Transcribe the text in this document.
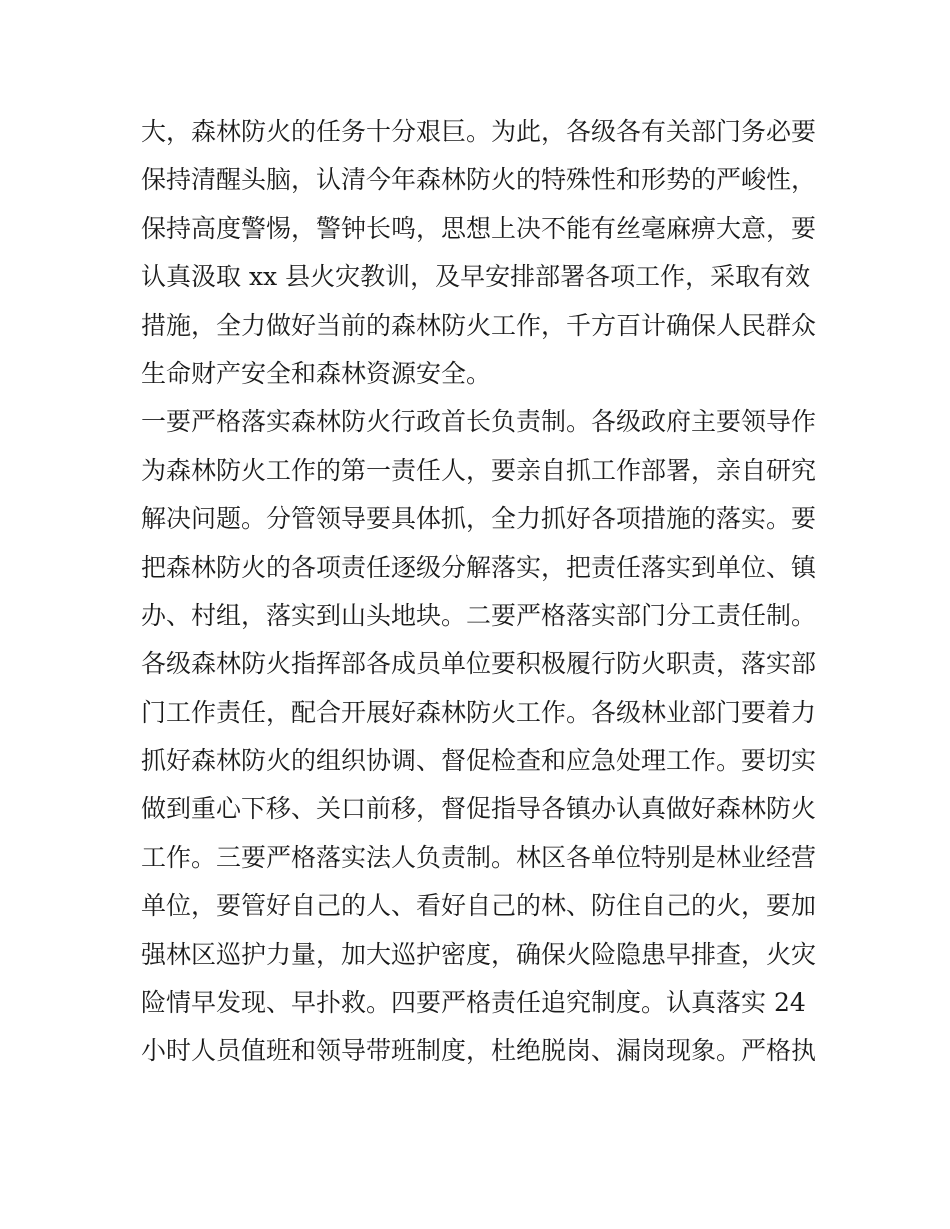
大，森林防火的任务十分艰巨。为此，各级各有关部门务必要
保持清醒头脑，认清今年森林防火的特殊性和形势的严峻性，
保持高度警惕，警钟长鸣，思想上决不能有丝毫麻痹大意，要
认真汲取 xx 县火灾教训，及早安排部署各项工作，采取有效
措施，全力做好当前的森林防火工作，千方百计确保人民群众
生命财产安全和森林资源安全。
一要严格落实森林防火行政首长负责制。各级政府主要领导作
为森林防火工作的第一责任人，要亲自抓工作部署，亲自研究
解决问题。分管领导要具体抓，全力抓好各项措施的落实。要
把森林防火的各项责任逐级分解落实，把责任落实到单位、镇
办、村组，落实到山头地块。二要严格落实部门分工责任制。
各级森林防火指挥部各成员单位要积极履行防火职责，落实部
门工作责任，配合开展好森林防火工作。各级林业部门要着力
抓好森林防火的组织协调、督促检查和应急处理工作。要切实
做到重心下移、关口前移，督促指导各镇办认真做好森林防火
工作。三要严格落实法人负责制。林区各单位特别是林业经营
单位，要管好自己的人、看好自己的林、防住自己的火，要加
强林区巡护力量，加大巡护密度，确保火险隐患早排查，火灾
险情早发现、早扑救。四要严格责任追究制度。认真落实 24
小时人员值班和领导带班制度，杜绝脱岗、漏岗现象。严格执
